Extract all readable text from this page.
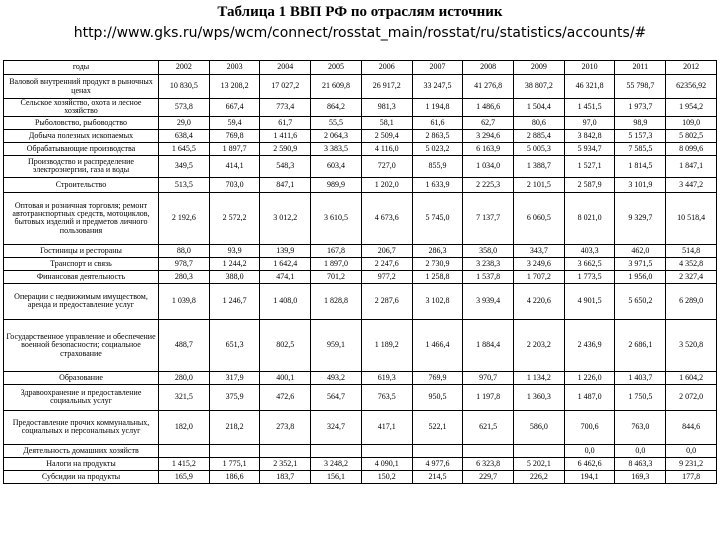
Таблица 1 ВВП РФ по отраслям источник
http://www.gks.ru/wps/wcm/connect/rosstat_main/rosstat/ru/statistics/accounts/#
годы	2002	2003	2004	2005	2006	2007	2008	2009	2010	2011	2012
Валовой внутренний продукт в рыночных ценах	10 830,5	13 208,2	17 027,2	21 609,8	26 917,2	33 247,5	41 276,8	38 807,2	46 321,8	55 798,7	62356,92
Сельское хозяйство, охота и лесное хозяйство	573,8	667,4	773,4	864,2	981,3	1 194,8	1 486,6	1 504,4	1 451,5	1 973,7	1 954,2
Рыболовство, рыбоводство	29,0	59,4	61,7	55,5	58,1	61,6	62,7	80,6	97,0	98,9	109,0
Добыча полезных ископаемых	638,4	769,8	1 411,6	2 064,3	2 509,4	2 863,5	3 294,6	2 885,4	3 842,8	5 157,3	5 802,5
Обрабатывающие производства	1 645,5	1 897,7	2 590,9	3 383,5	4 116,0	5 023,2	6 163,9	5 005,3	5 934,7	7 585,5	8 099,6
Производство и распределение электроэнергии, газа и воды	349,5	414,1	548,3	603,4	727,0	855,9	1 034,0	1 388,7	1 527,1	1 814,5	1 847,1
Строительство	513,5	703,0	847,1	989,9	1 202,0	1 633,9	2 225,3	2 101,5	2 587,9	3 101,9	3 447,2
Оптовая и розничная торговля; ремонт автотранспортных средств, мотоциклов, бытовых изделий и предметов личного пользования	2 192,6	2 572,2	3 012,2	3 610,5	4 673,6	5 745,0	7 137,7	6 060,5	8 021,0	9 329,7	10 518,4
Гостиницы и рестораны	88,0	93,9	139,9	167,8	206,7	286,3	358,0	343,7	403,3	462,0	514,8
Транспорт и связь	978,7	1 244,2	1 642,4	1 897,0	2 247,6	2 730,9	3 238,3	3 249,6	3 662,5	3 971,5	4 352,8
Финансовая деятельность	280,3	388,0	474,1	701,2	977,2	1 258,8	1 537,8	1 707,2	1 773,5	1 956,0	2 327,4
Операции с недвижимым имуществом, аренда и предоставление услуг	1 039,8	1 246,7	1 408,0	1 828,8	2 287,6	3 102,8	3 939,4	4 220,6	4 901,5	5 650,2	6 289,0
Государственное управление и обеспечение военной безопасности; социальное страхование	488,7	651,3	802,5	959,1	1 189,2	1 466,4	1 884,4	2 203,2	2 436,9	2 686,1	3 520,8
Образование	280,0	317,9	400,1	493,2	619,3	769,9	970,7	1 134,2	1 226,0	1 403,7	1 604,2
Здравоохранение и предоставление социальных услуг	321,5	375,9	472,6	564,7	763,5	950,5	1 197,8	1 360,3	1 487,0	1 750,5	2 072,0
Предоставление прочих коммунальных, социальных и персональных услуг	182,0	218,2	273,8	324,7	417,1	522,1	621,5	586,0	700,6	763,0	844,6
Деятельность домашних хозяйств									0,0	0,0	0,0
Налоги на продукты	1 415,2	1 775,1	2 352,1	3 248,2	4 090,1	4 977,6	6 323,8	5 202,1	6 462,6	8 463,3	9 231,2
Субсидии на продукты	165,9	186,6	183,7	156,1	150,2	214,5	229,7	226,2	194,1	169,3	177,8
